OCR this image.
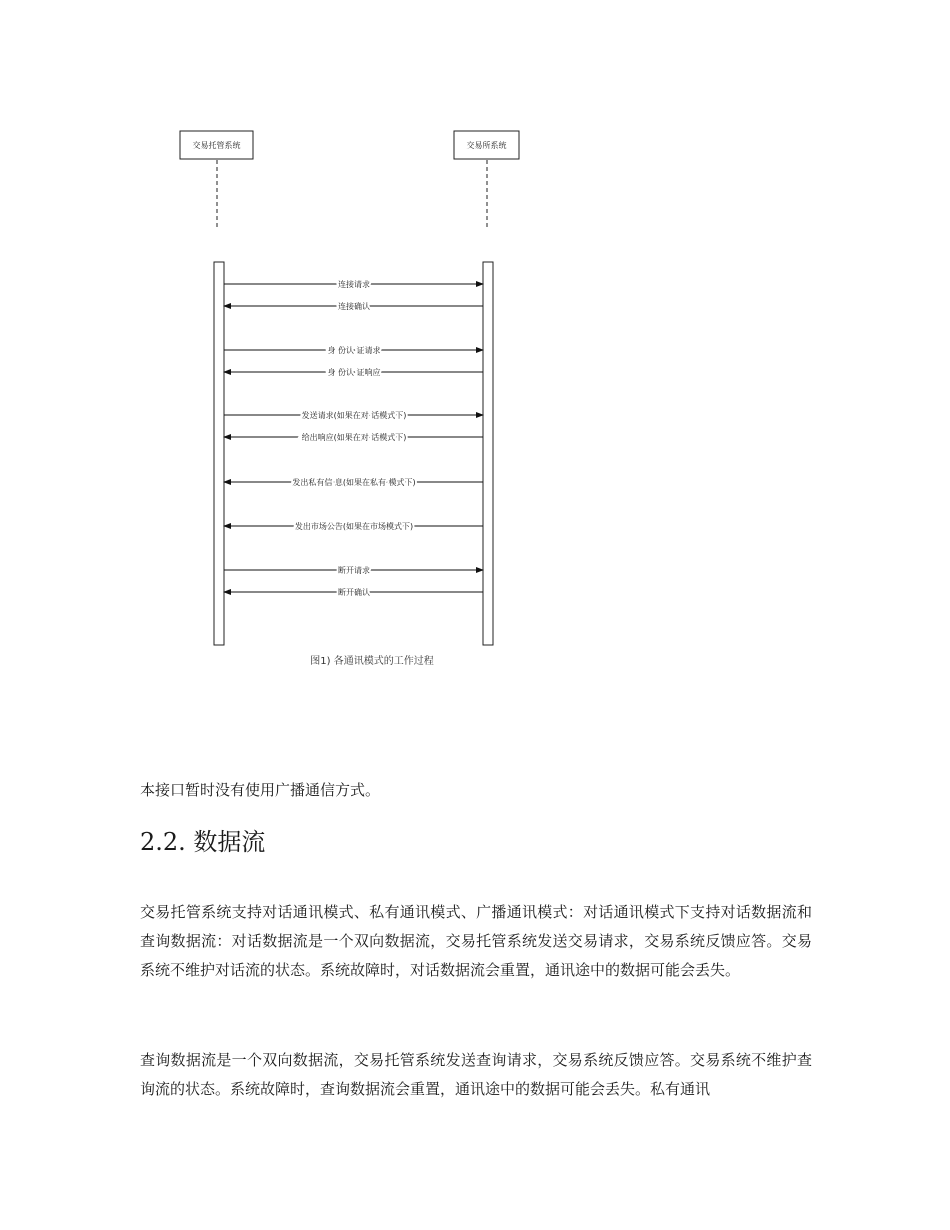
交易托管系统	交易所系统
连接请求
连接确认
身 份认 证请求
身 份认 证响应
发送请求(如果在对 话模式下)
给出响应(如果在对 话模式下)
发出私有信 息(如果在私有 模式下)
发出市场公告(如果在市场模式下)
断开请求
断开确认
图1) 各通讯模式的工作过程

本接口暂时没有使用广播通信方式。

2.2. 数据流

交易托管系统支持对话通讯模式、私有通讯模式、广播通讯模式：对话通讯模式下支持对话数据流和查询数据流：对话数据流是一个双向数据流，交易托管系统发送交易请求，交易系统反馈应答。交易系统不维护对话流的状态。系统故障时，对话数据流会重置，通讯途中的数据可能会丢失。

查询数据流是一个双向数据流，交易托管系统发送查询请求，交易系统反馈应答。交易系统不维护查询流的状态。系统故障时，查询数据流会重置，通讯途中的数据可能会丢失。私有通讯
